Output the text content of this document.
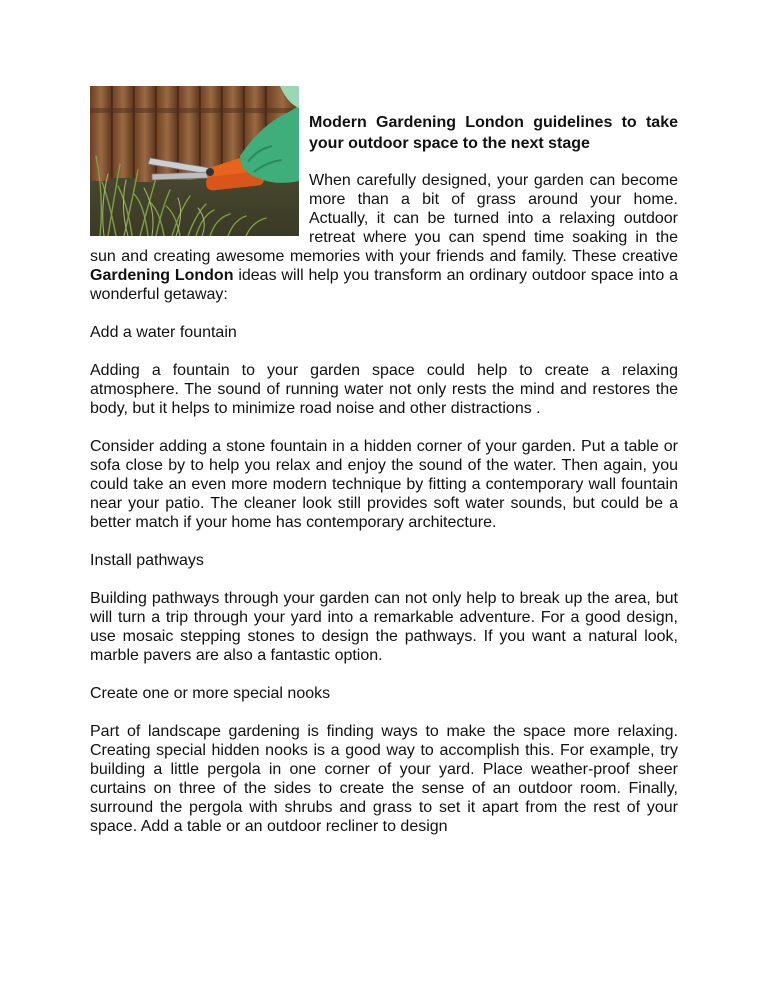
Modern Gardening London guidelines to take your outdoor space to the next stage

When carefully designed, your garden can become more than a bit of grass around your home. Actually, it can be turned into a relaxing outdoor retreat where you can spend time soaking in the sun and creating awesome memories with your friends and family. These creative Gardening London ideas will help you transform an ordinary outdoor space into a wonderful getaway:

Add a water fountain

Adding a fountain to your garden space could help to create a relaxing atmosphere. The sound of running water not only rests the mind and restores the body, but it helps to minimize road noise and other distractions .

Consider adding a stone fountain in a hidden corner of your garden. Put a table or sofa close by to help you relax and enjoy the sound of the water. Then again, you could take an even more modern technique by fitting a contemporary wall fountain near your patio. The cleaner look still provides soft water sounds, but could be a better match if your home has contemporary architecture.

Install pathways

Building pathways through your garden can not only help to break up the area, but will turn a trip through your yard into a remarkable adventure. For a good design, use mosaic stepping stones to design the pathways. If you want a natural look, marble pavers are also a fantastic option.

Create one or more special nooks

Part of landscape gardening is finding ways to make the space more relaxing. Creating special hidden nooks is a good way to accomplish this. For example, try building a little pergola in one corner of your yard. Place weather-proof sheer curtains on three of the sides to create the sense of an outdoor room. Finally, surround the pergola with shrubs and grass to set it apart from the rest of your space. Add a table or an outdoor recliner to design
